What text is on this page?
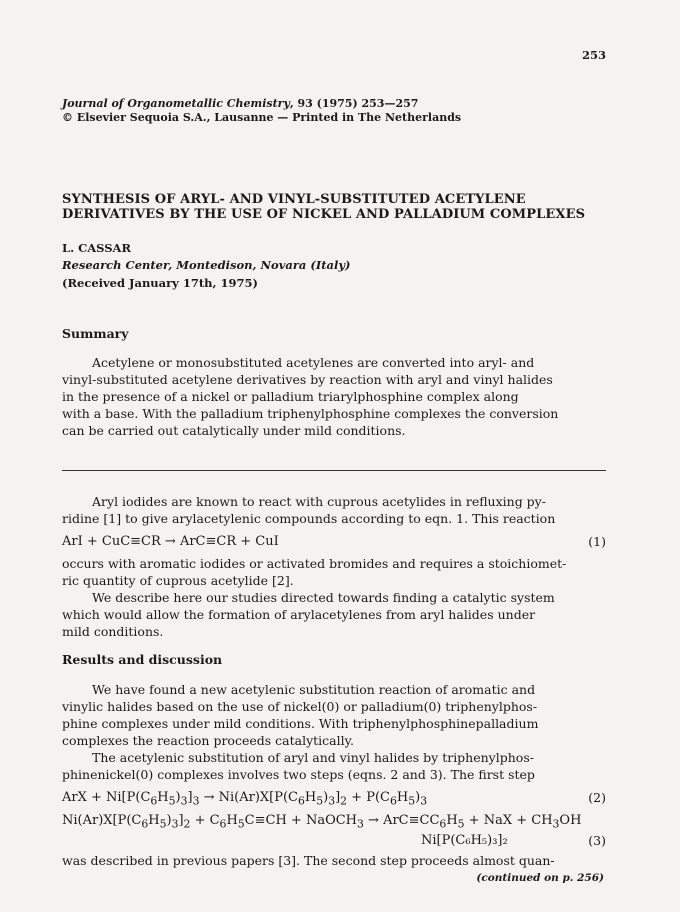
253
Journal of Organometallic Chemistry, 93 (1975) 253—257
© Elsevier Sequoia S.A., Lausanne — Printed in The Netherlands
SYNTHESIS OF ARYL- AND VINYL-SUBSTITUTED ACETYLENE
DERIVATIVES BY THE USE OF NICKEL AND PALLADIUM COMPLEXES
L. CASSAR
Research Center, Montedison, Novara (Italy)
(Received January 17th, 1975)
Summary
Acetylene or monosubstituted acetylenes are converted into aryl- and
vinyl-substituted acetylene derivatives by reaction with aryl and vinyl halides
in the presence of a nickel or palladium triarylphosphine complex along
with a base. With the palladium triphenylphosphine complexes the conversion
can be carried out catalytically under mild conditions.
Aryl iodides are known to react with cuprous acetylides in refluxing py-
ridine [1] to give arylacetylenic compounds according to eqn. 1. This reaction
ArI + CuC≡CR → ArC≡CR + CuI	(1)
occurs with aromatic iodides or activated bromides and requires a stoichiomet-
ric quantity of cuprous acetylide [2].
We describe here our studies directed towards finding a catalytic system
which would allow the formation of arylacetylenes from aryl halides under
mild conditions.
Results and discussion
We have found a new acetylenic substitution reaction of aromatic and
vinylic halides based on the use of nickel(0) or palladium(0) triphenylphos-
phine complexes under mild conditions. With triphenylphosphinepalladium
complexes the reaction proceeds catalytically.
The acetylenic substitution of aryl and vinyl halides by triphenylphos-
phinenickel(0) complexes involves two steps (eqns. 2 and 3). The first step
ArX + $Ni[P(C_6H_5)_3]_3 \to Ni(Ar)X[P(C_6H_5)_3]_2 + P(C_6H_5)_3$	(2)
$Ni(Ar)X[P(C_6H_5)_3]_2 + C_6H_5C\equiv CH$ + NaOCH$_3$ → $ArC\equiv CC_6H_5$ + NaX + $CH_3OH$
Ni[P(C₆H₅)₃]₂	(3)
was described in previous papers [3]. The second step proceeds almost quan-
(continued on p. 256)
